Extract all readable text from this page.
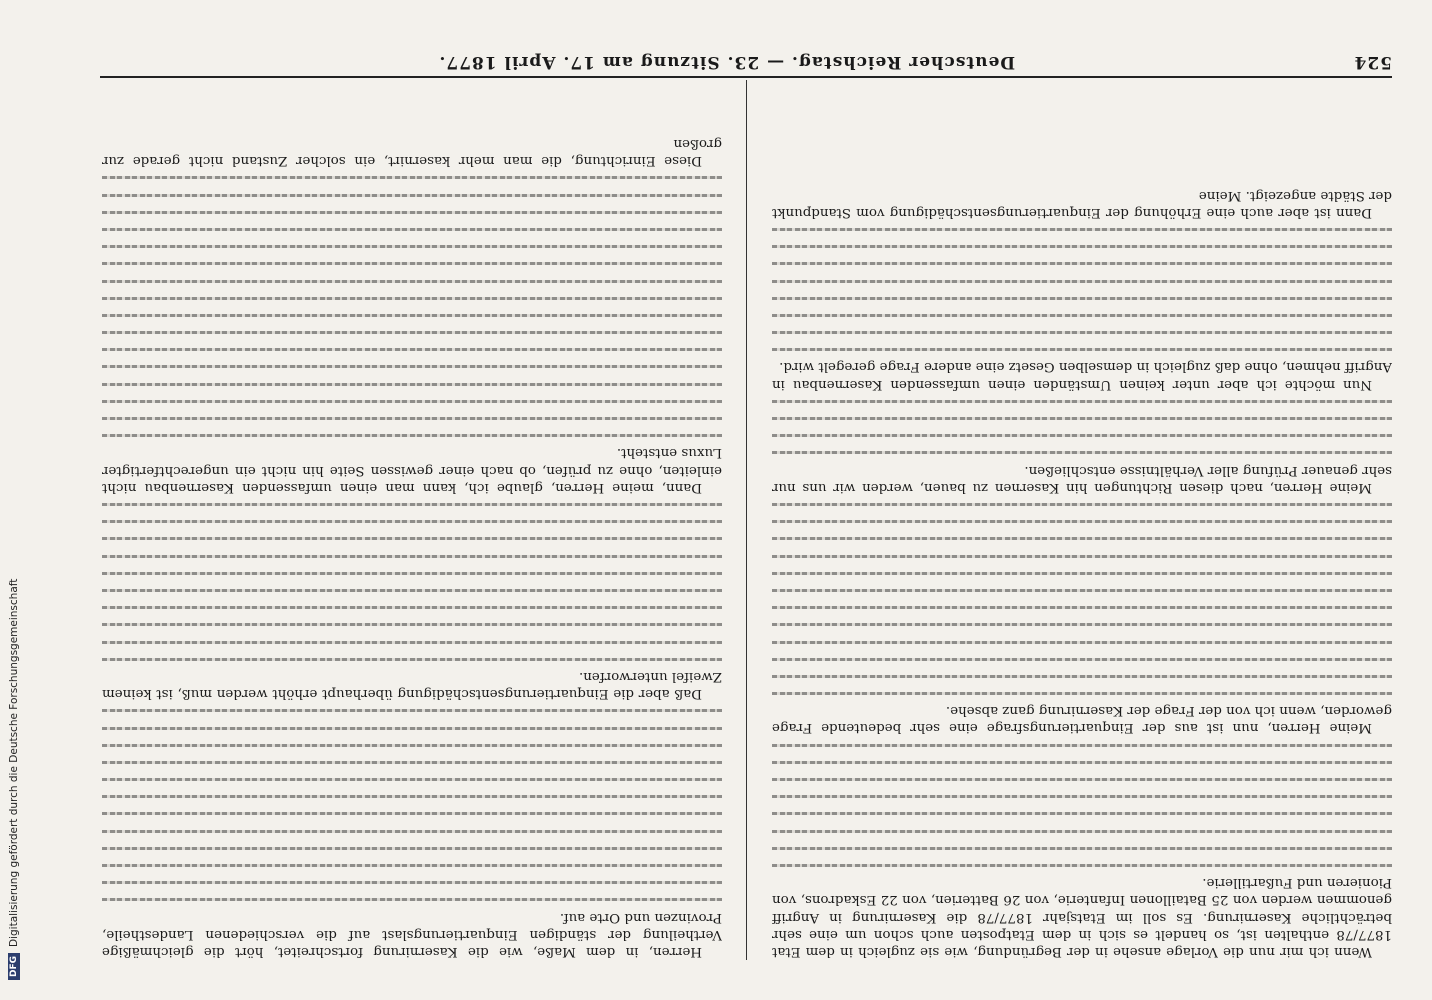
DFG
Digitalisierung gefördert durch die Deutsche Forschungsgemeinschaft
524
Deutscher Reichstag. — 23. Sitzung am 17. April 1877.

Wenn ich mir nun die Vorlage ansehe in der Begründung, wie sie zugleich in dem Etat 1877/78 enthalten ist, so handelt es sich in dem Etatposten auch schon um eine sehr beträchtliche Kasernirung. Es soll im Etatsjahr 1877/78 die Kasernirung in Angriff genommen werden von 25 Bataillonen Infanterie, von 26 Batterien, von 22 Eskadrons, von Pionieren und Fußartillerie.

Meine Herren, nun ist aus der Einquartierungsfrage eine sehr bedeutende Frage geworden, wenn ich von der Frage der Kasernirung ganz absehe.

Meine Herren, nach diesen Richtungen hin Kasernen zu bauen, werden wir uns nur sehr genauer Prüfung aller Verhältnisse entschließen.

Nun möchte ich aber unter keinen Umständen einen umfassenden Kasernenbau in Angriff nehmen, ohne daß zugleich in demselben Gesetz eine andere Frage geregelt wird.

Dann ist aber auch eine Erhöhung der Einquartierungsentschädigung vom Standpunkt der Städte angezeigt. Meine

Herren, in dem Maße, wie die Kasernirung fortschreitet, hört die gleichmäßige Vertheilung der ständigen Einquartierungslast auf die verschiedenen Landestheile, Provinzen und Orte auf.

Daß aber die Einquartierungsentschädigung überhaupt erhöht werden muß, ist keinem Zweifel unterworfen.

Dann, meine Herren, glaube ich, kann man einen umfassenden Kasernenbau nicht einleiten, ohne zu prüfen, ob nach einer gewissen Seite hin nicht ein ungerechtfertigter Luxus entsteht.

Diese Einrichtung, die man mehr kasernirt, ein solcher Zustand nicht gerade zur großen
